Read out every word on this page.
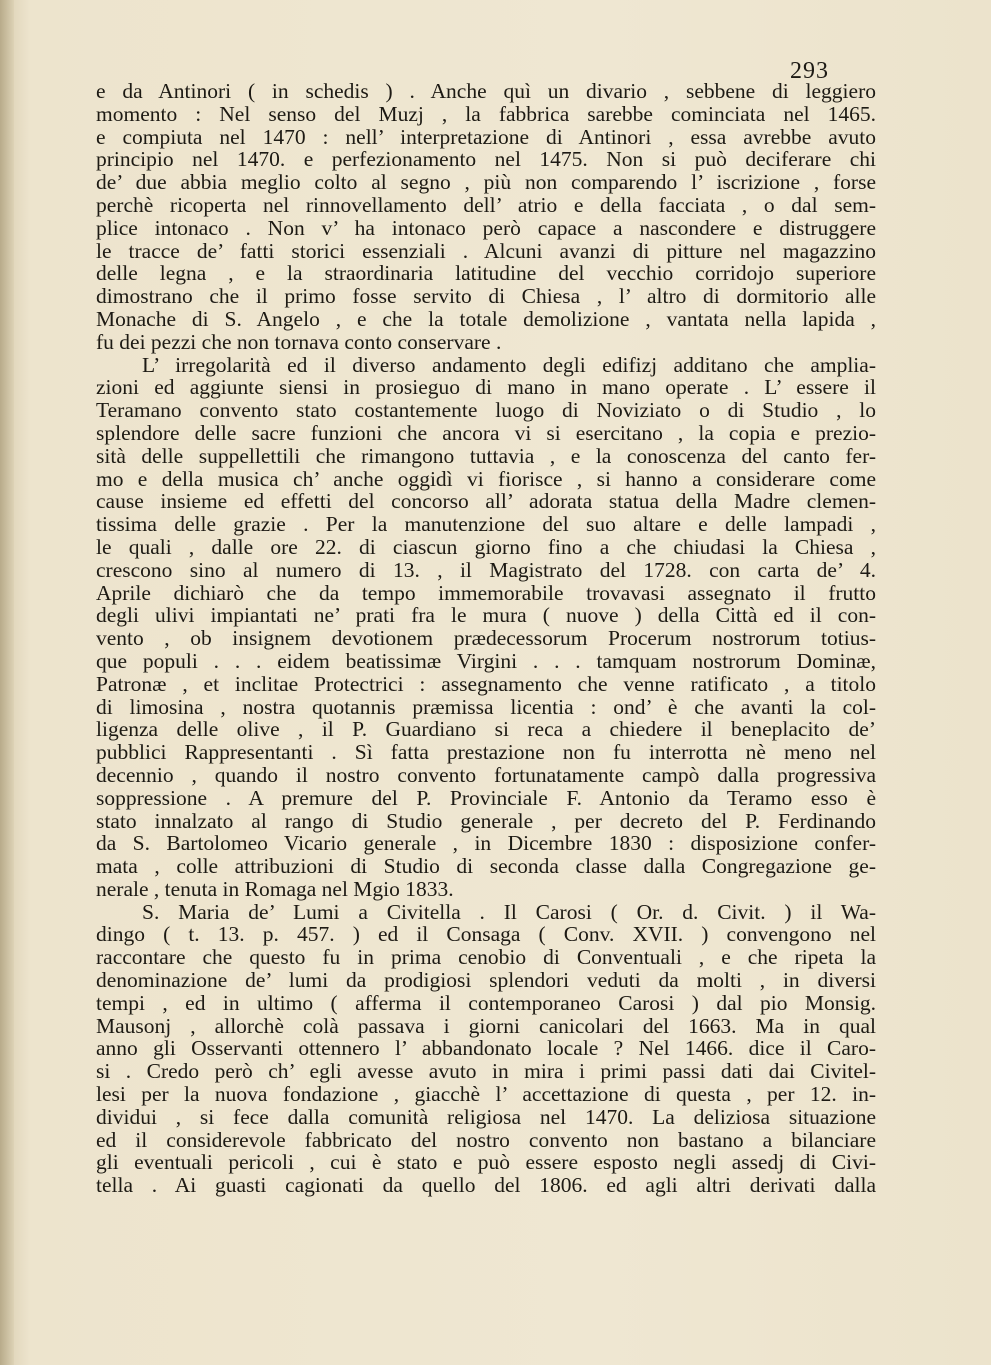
293
e da Antinori ( in schedis ) . Anche quì un divario , sebbene di leggiero
momento : Nel senso del Muzj , la fabbrica sarebbe cominciata nel 1465.
e compiuta nel 1470 : nell’ interpretazione di Antinori , essa avrebbe avuto
principio nel 1470. e perfezionamento nel 1475. Non si può deciferare chi
de’ due abbia meglio colto al segno , più non comparendo l’ iscrizione , forse
perchè ricoperta nel rinnovellamento dell’ atrio e della facciata , o dal sem-
plice intonaco . Non v’ ha intonaco però capace a nascondere e distruggere
le tracce de’ fatti storici essenziali . Alcuni avanzi di pitture nel magazzino
delle legna , e la straordinaria latitudine del vecchio corridojo superiore
dimostrano che il primo fosse servito di Chiesa , l’ altro di dormitorio alle
Monache di S. Angelo , e che la totale demolizione , vantata nella lapida ,
fu dei pezzi che non tornava conto conservare .
L’ irregolarità ed il diverso andamento degli edifizj additano che amplia-
zioni ed aggiunte siensi in prosieguo di mano in mano operate . L’ essere il
Teramano convento stato costantemente luogo di Noviziato o di Studio , lo
splendore delle sacre funzioni che ancora vi si esercitano , la copia e prezio-
sità delle suppellettili che rimangono tuttavia , e la conoscenza del canto fer-
mo e della musica ch’ anche oggidì vi fiorisce , si hanno a considerare come
cause insieme ed effetti del concorso all’ adorata statua della Madre clemen-
tissima delle grazie . Per la manutenzione del suo altare e delle lampadi ,
le quali , dalle ore 22. di ciascun giorno fino a che chiudasi la Chiesa ,
crescono sino al numero di 13. , il Magistrato del 1728. con carta de’ 4.
Aprile dichiarò che da tempo immemorabile trovavasi assegnato il frutto
degli ulivi impiantati ne’ prati fra le mura ( nuove ) della Città ed il con-
vento , ob insignem devotionem prædecessorum Procerum nostrorum totius-
que populi . . . eidem beatissimæ Virgini . . . tamquam nostrorum Dominæ,
Patronæ , et inclitae Protectrici : assegnamento che venne ratificato , a titolo
di limosina , nostra quotannis præmissa licentia : ond’ è che avanti la col-
ligenza delle olive , il P. Guardiano si reca a chiedere il beneplacito de’
pubblici Rappresentanti . Sì fatta prestazione non fu interrotta nè meno nel
decennio , quando il nostro convento fortunatamente campò dalla progressiva
soppressione . A premure del P. Provinciale F. Antonio da Teramo esso è
stato innalzato al rango di Studio generale , per decreto del P. Ferdinando
da S. Bartolomeo Vicario generale , in Dicembre 1830 : disposizione confer-
mata , colle attribuzioni di Studio di seconda classe dalla Congregazione ge-
nerale , tenuta in Romaga nel Mgio 1833.
S. Maria de’ Lumi a Civitella . Il Carosi ( Or. d. Civit. ) il Wa-
dingo ( t. 13. p. 457. ) ed il Consaga ( Conv. XVII. ) convengono nel
raccontare che questo fu in prima cenobio di Conventuali , e che ripeta la
denominazione de’ lumi da prodigiosi splendori veduti da molti , in diversi
tempi , ed in ultimo ( afferma il contemporaneo Carosi ) dal pio Monsig.
Mausonj , allorchè colà passava i giorni canicolari del 1663. Ma in qual
anno gli Osservanti ottennero l’ abbandonato locale ? Nel 1466. dice il Caro-
si . Credo però ch’ egli avesse avuto in mira i primi passi dati dai Civitel-
lesi per la nuova fondazione , giacchè l’ accettazione di questa , per 12. in-
dividui , si fece dalla comunità religiosa nel 1470. La deliziosa situazione
ed il considerevole fabbricato del nostro convento non bastano a bilanciare
gli eventuali pericoli , cui è stato e può essere esposto negli assedj di Civi-
tella . Ai guasti cagionati da quello del 1806. ed agli altri derivati dalla
